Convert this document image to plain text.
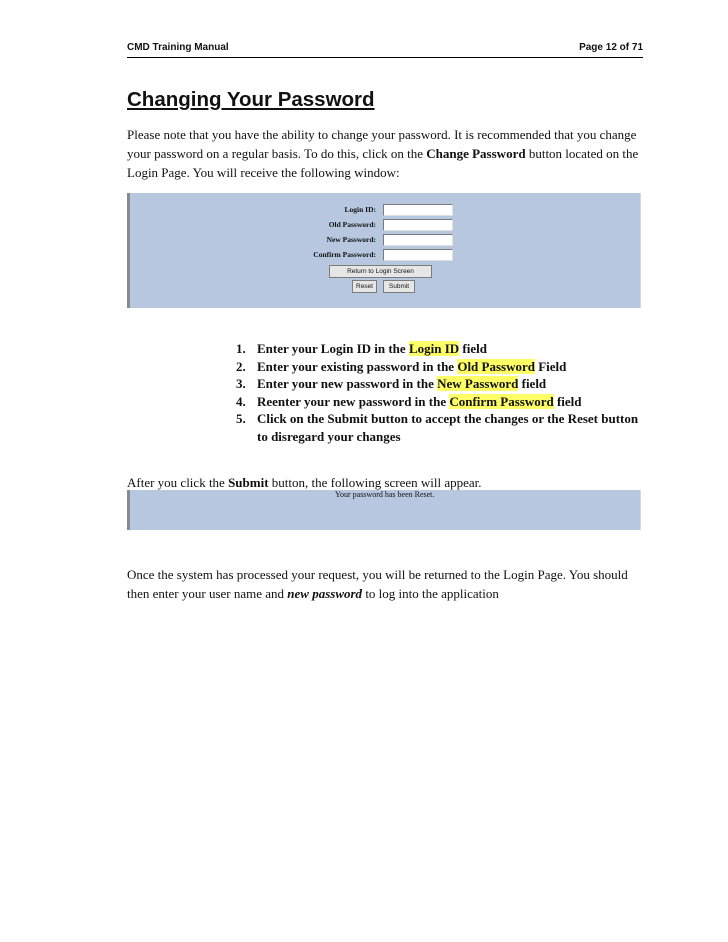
CMD Training Manual	Page 12 of 71
Changing Your Password

Please note that you have the ability to change your password. It is recommended that you change your password on a regular basis. To do this, click on the Change Password button located on the Login Page. You will receive the following window:

Login ID:
Old Password:
New Password:
Confirm Password:
Return to Login Screen
Reset	Submit
1. Enter your Login ID in the Login ID field
2. Enter your existing password in the Old Password Field
3. Enter your new password in the New Password field
4. Reenter your new password in the Confirm Password field
5. Click on the Submit button to accept the changes or the Reset button to disregard your changes

After you click the Submit button, the following screen will appear.

Your password has been Reset.

Once the system has processed your request, you will be returned to the Login Page. You should then enter your user name and new password to log into the application
